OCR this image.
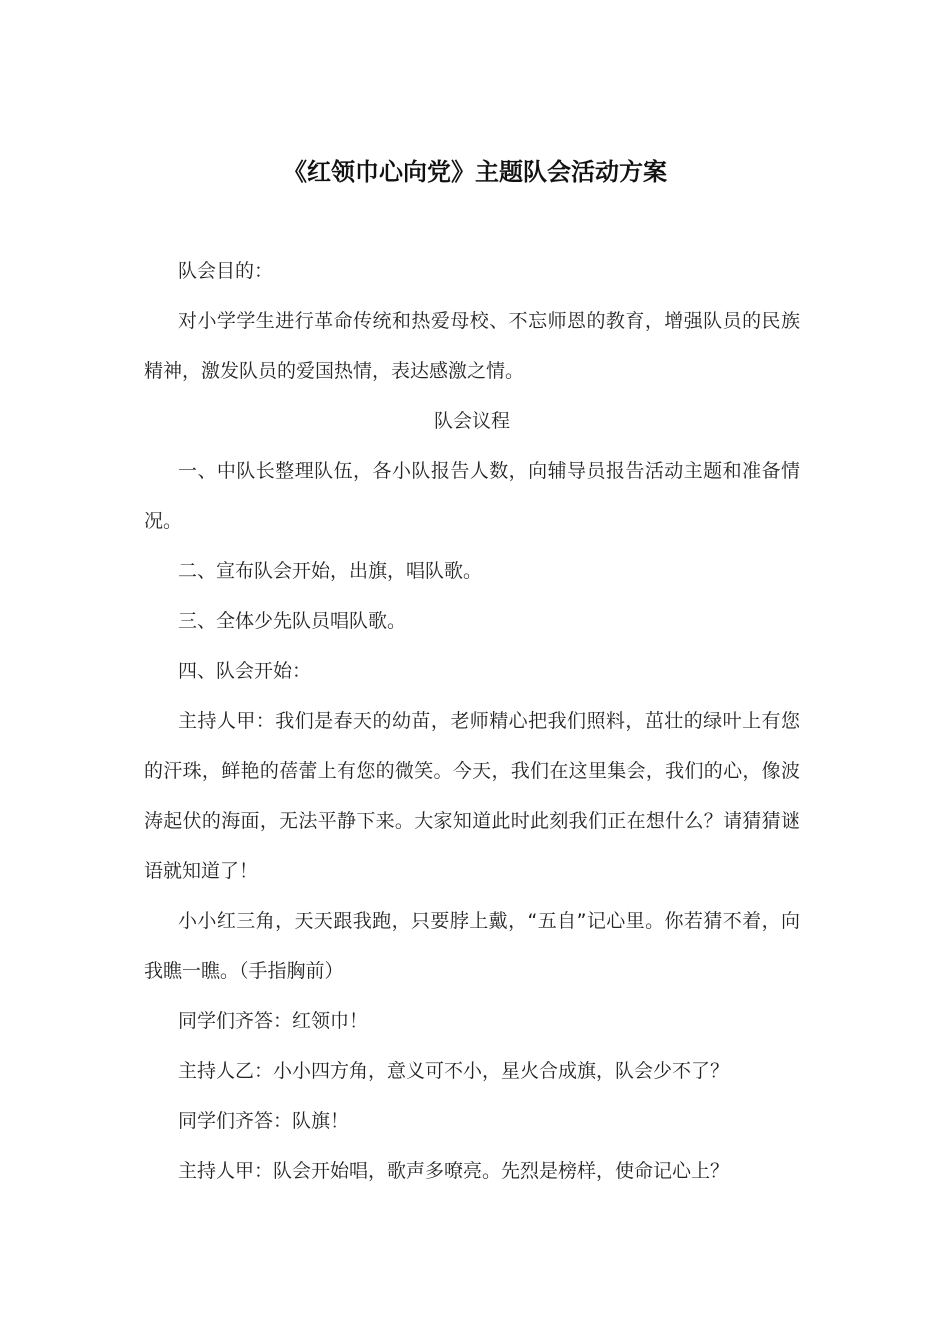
《红领巾心向党》主题队会活动方案

队会目的：

对小学学生进行革命传统和热爱母校、不忘师恩的教育，增强队员的民族精神，激发队员的爱国热情，表达感激之情。

队会议程

一、中队长整理队伍，各小队报告人数，向辅导员报告活动主题和准备情况。

二、宣布队会开始，出旗，唱队歌。

三、全体少先队员唱队歌。

四、队会开始：

主持人甲：我们是春天的幼苗，老师精心把我们照料，茁壮的绿叶上有您的汗珠，鲜艳的蓓蕾上有您的微笑。今天，我们在这里集会，我们的心，像波涛起伏的海面，无法平静下来。大家知道此时此刻我们正在想什么？请猜猜谜语就知道了！

小小红三角，天天跟我跑，只要脖上戴，“五自”记心里。你若猜不着，向我瞧一瞧。（手指胸前）

同学们齐答：红领巾！

主持人乙：小小四方角，意义可不小，星火合成旗，队会少不了？

同学们齐答：队旗！

主持人甲：队会开始唱，歌声多嘹亮。先烈是榜样，使命记心上？
